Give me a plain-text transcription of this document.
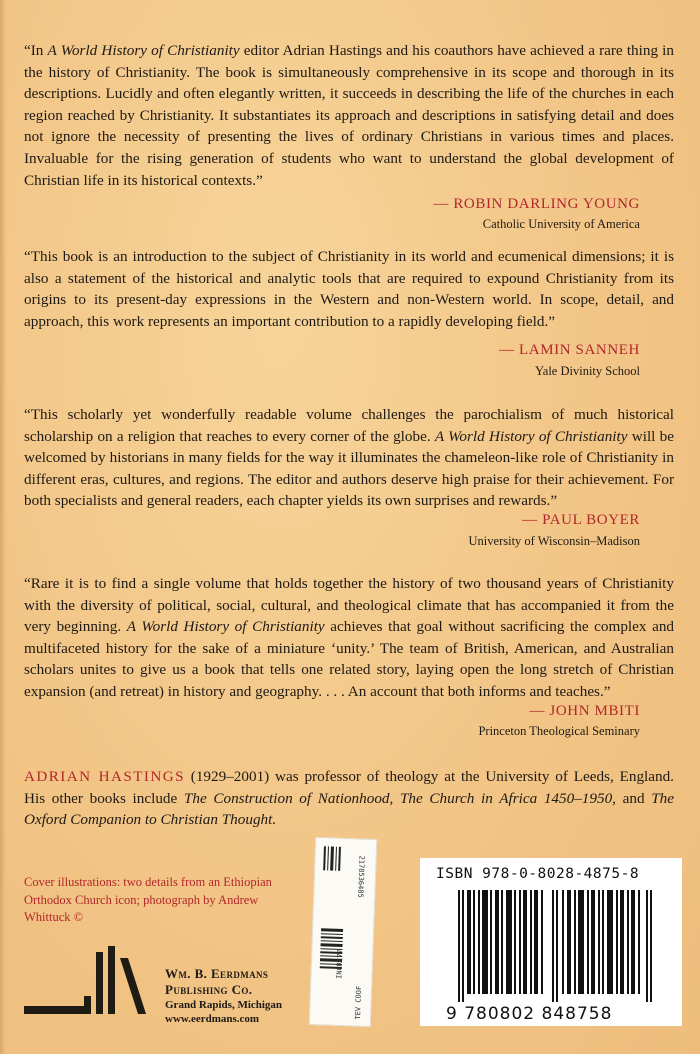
“In A World History of Christianity editor Adrian Hastings and his coauthors have achieved a rare thing in the history of Christianity. The book is simultaneously comprehensive in its scope and thorough in its descriptions. Lucidly and often elegantly written, it succeeds in describing the life of the churches in each region reached by Christianity. It substantiates its approach and descriptions in satisfying detail and does not ignore the necessity of presenting the lives of ordinary Christians in various times and places. Invaluable for the rising generation of students who want to understand the global development of Christian life in its historical contexts.”

— ROBIN DARLING YOUNG
Catholic University of America

“This book is an introduction to the subject of Christianity in its world and ecumenical dimensions; it is also a statement of the historical and analytic tools that are required to expound Christianity from its origins to its present-day expressions in the Western and non-Western world. In scope, detail, and approach, this work represents an important contribution to a rapidly developing field.”

— LAMIN SANNEH
Yale Divinity School

“This scholarly yet wonderfully readable volume challenges the parochialism of much historical scholarship on a religion that reaches to every corner of the globe. A World History of Christianity will be welcomed by historians in many fields for the way it illuminates the chameleon-like role of Christianity in different eras, cultures, and regions. The editor and authors deserve high praise for their achievement. For both specialists and general readers, each chapter yields its own surprises and rewards.”

— PAUL BOYER
University of Wisconsin–Madison

“Rare it is to find a single volume that holds together the history of two thousand years of Christianity with the diversity of political, social, cultural, and theological climate that has accompanied it from the very beginning. A World History of Christianity achieves that goal without sacrificing the complex and multifaceted history for the sake of a miniature ‘unity.’ The team of British, American, and Australian scholars unites to give us a book that tells one related story, laying open the long stretch of Christian expansion (and retreat) in history and geography. . . . An account that both informs and teaches.”

— JOHN MBITI
Princeton Theological Seminary

ADRIAN HASTINGS (1929–2001) was professor of theology at the University of Leeds, England. His other books include The Construction of Nationhood, The Church in Africa 1450–1950, and The Oxford Companion to Christian Thought.

Cover illustrations: two details from an Ethiopian Orthodox Church icon; photograph by Andrew Whittuck ©

Wm. B. Eerdmans
Publishing Co.
Grand Rapids, Michigan
www.eerdmans.com
2178536485
INCRE77
TEV COOF
ISBN 978-0-8028-4875-8
9 780802 848758
